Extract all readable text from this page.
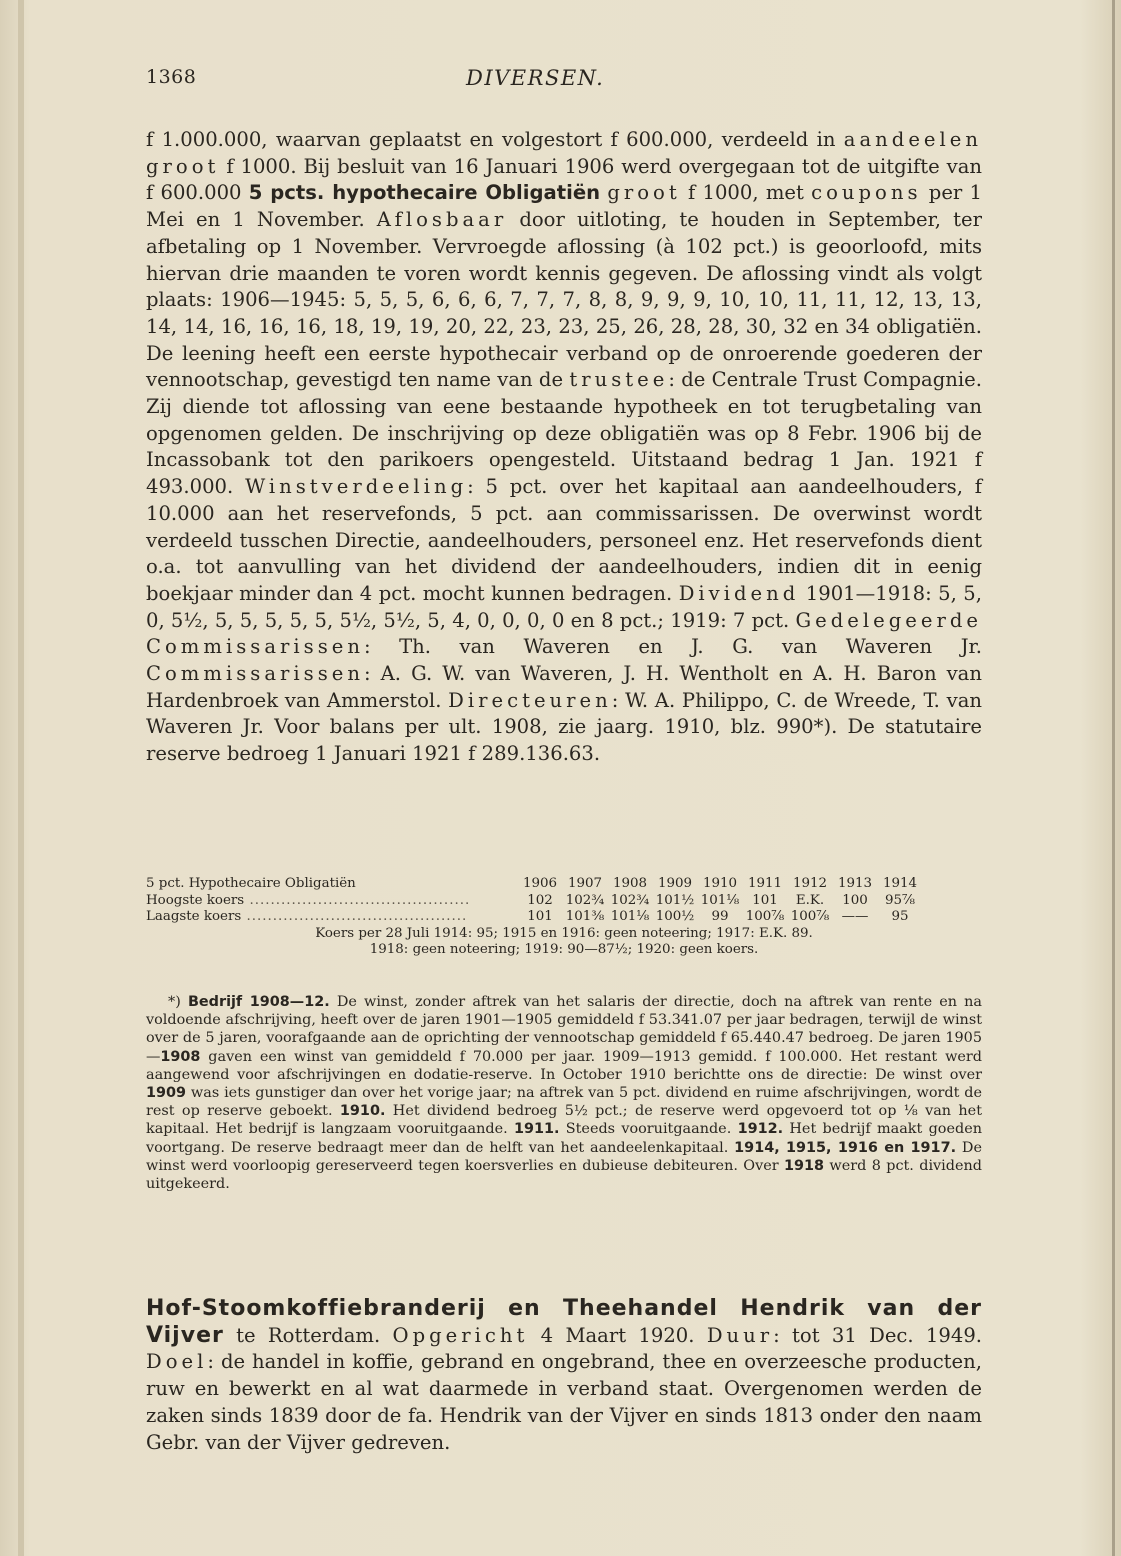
1368	DIVERSEN.

f 1.000.000, waarvan geplaatst en volgestort f 600.000, verdeeld in aandeelen groot f 1000. Bij besluit van 16 Januari 1906 werd overgegaan tot de uitgifte van f 600.000 5 pcts. hypothecaire Obligatiën groot f 1000, met coupons per 1 Mei en 1 November. Aflosbaar door uitloting, te houden in September, ter afbetaling op 1 November. Vervroegde aflossing (à 102 pct.) is geoorloofd, mits hiervan drie maanden te voren wordt kennis gegeven. De aflossing vindt als volgt plaats: 1906—1945: 5, 5, 5, 6, 6, 6, 7, 7, 7, 8, 8, 9, 9, 9, 10, 10, 11, 11, 12, 13, 13, 14, 14, 16, 16, 16, 18, 19, 19, 20, 22, 23, 23, 25, 26, 28, 28, 30, 32 en 34 obligatiën. De leening heeft een eerste hypothecair verband op de onroerende goederen der vennootschap, gevestigd ten name van de trustee: de Centrale Trust Compagnie. Zij diende tot aflossing van eene bestaande hypotheek en tot terugbetaling van opgenomen gelden. De inschrijving op deze obligatiën was op 8 Febr. 1906 bij de Incassobank tot den parikoers opengesteld. Uitstaand bedrag 1 Jan. 1921 f 493.000. Winstverdeeling: 5 pct. over het kapitaal aan aandeelhouders, f 10.000 aan het reservefonds, 5 pct. aan commissarissen. De overwinst wordt verdeeld tusschen Directie, aandeelhouders, personeel enz. Het reservefonds dient o.a. tot aanvulling van het dividend der aandeelhouders, indien dit in eenig boekjaar minder dan 4 pct. mocht kunnen bedragen. Dividend 1901—1918: 5, 5, 0, 5½, 5, 5, 5, 5, 5, 5½, 5½, 5, 4, 0, 0, 0, 0 en 8 pct.; 1919: 7 pct. Gedelegeerde Commissarissen: Th. van Waveren en J. G. van Waveren Jr. Commissarissen: A. G. W. van Waveren, J. H. Wentholt en A. H. Baron van Hardenbroek van Ammerstol. Directeuren: W. A. Philippo, C. de Wreede, T. van Waveren Jr. Voor balans per ult. 1908, zie jaarg. 1910, blz. 990*). De statutaire reserve bedroeg 1 Januari 1921 f 289.136.63.

5 pct. Hypothecaire Obligatiën	1906 1907 1908 1909 1910 1911 1912 1913 1914
Hoogste koers ..........................................	102 102¾ 102¾ 101½ 101⅛ 101	E.K.	100	95⅞
Laagste koers ..........................................	101 101⅜ 101⅛ 100½	99	100⅞ 100⅞ ——	95
Koers per 28 Juli 1914: 95; 1915 en 1916: geen noteering; 1917: E.K. 89.
1918: geen noteering; 1919: 90—87½; 1920: geen koers.

*) Bedrijf 1908—12. De winst, zonder aftrek van het salaris der directie, doch na aftrek van rente en na voldoende afschrijving, heeft over de jaren 1901—1905 gemiddeld f 53.341.07 per jaar bedragen, terwijl de winst over de 5 jaren, voorafgaande aan de oprichting der vennootschap gemiddeld f 65.440.47 bedroeg. De jaren 1905—1908 gaven een winst van gemiddeld f 70.000 per jaar. 1909—1913 gemidd. f 100.000. Het restant werd aangewend voor afschrijvingen en dodatie-reserve. In October 1910 berichtte ons de directie: De winst over 1909 was iets gunstiger dan over het vorige jaar; na aftrek van 5 pct. dividend en ruime afschrijvingen, wordt de rest op reserve geboekt. 1910. Het dividend bedroeg 5½ pct.; de reserve werd opgevoerd tot op ⅛ van het kapitaal. Het bedrijf is langzaam vooruitgaande. 1911. Steeds vooruitgaande. 1912. Het bedrijf maakt goeden voortgang. De reserve bedraagt meer dan de helft van het aandeelenkapitaal. 1914, 1915, 1916 en 1917. De winst werd voorloopig gereserveerd tegen koersverlies en dubieuse debiteuren. Over 1918 werd 8 pct. dividend uitgekeerd.

Hof-Stoomkoffiebranderij en Theehandel Hendrik van der Vijver te Rotterdam. Opgericht 4 Maart 1920. Duur: tot 31 Dec. 1949. Doel: de handel in koffie, gebrand en ongebrand, thee en overzeesche producten, ruw en bewerkt en al wat daarmede in verband staat. Overgenomen werden de zaken sinds 1839 door de fa. Hendrik van der Vijver en sinds 1813 onder den naam Gebr. van der Vijver gedreven.
